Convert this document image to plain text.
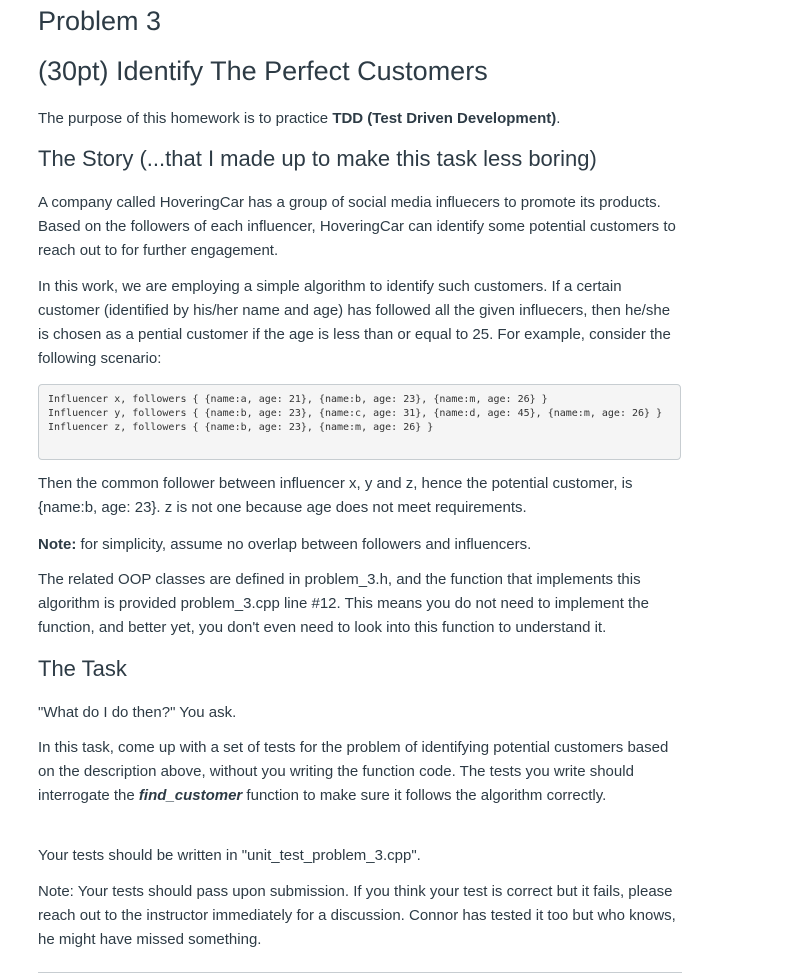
Problem 3
(30pt) Identify The Perfect Customers

The purpose of this homework is to practice TDD (Test Driven Development).

The Story (...that I made up to make this task less boring)

A company called HoveringCar has a group of social media influecers to promote its products. Based on the followers of each influencer, HoveringCar can identify some potential customers to reach out to for further engagement.

In this work, we are employing a simple algorithm to identify such customers. If a certain customer (identified by his/her name and age) has followed all the given influecers, then he/she is chosen as a pential customer if the age is less than or equal to 25. For example, consider the following scenario:

Influencer x, followers { {name:a, age: 21}, {name:b, age: 23}, {name:m, age: 26} }
Influencer y, followers { {name:b, age: 23}, {name:c, age: 31}, {name:d, age: 45}, {name:m, age: 26} }
Influencer z, followers { {name:b, age: 23}, {name:m, age: 26} }

Then the common follower between influencer x, y and z, hence the potential customer, is {name:b, age: 23}. z is not one because age does not meet requirements.

Note: for simplicity, assume no overlap between followers and influencers.

The related OOP classes are defined in problem_3.h, and the function that implements this algorithm is provided problem_3.cpp line #12. This means you do not need to implement the function, and better yet, you don't even need to look into this function to understand it.

The Task

"What do I do then?" You ask.

In this task, come up with a set of tests for the problem of identifying potential customers based on the description above, without you writing the function code. The tests you write should interrogate the find_customer function to make sure it follows the algorithm correctly.

Your tests should be written in "unit_test_problem_3.cpp".

Note: Your tests should pass upon submission. If you think your test is correct but it fails, please reach out to the instructor immediately for a discussion. Connor has tested it too but who knows, he might have missed something.
